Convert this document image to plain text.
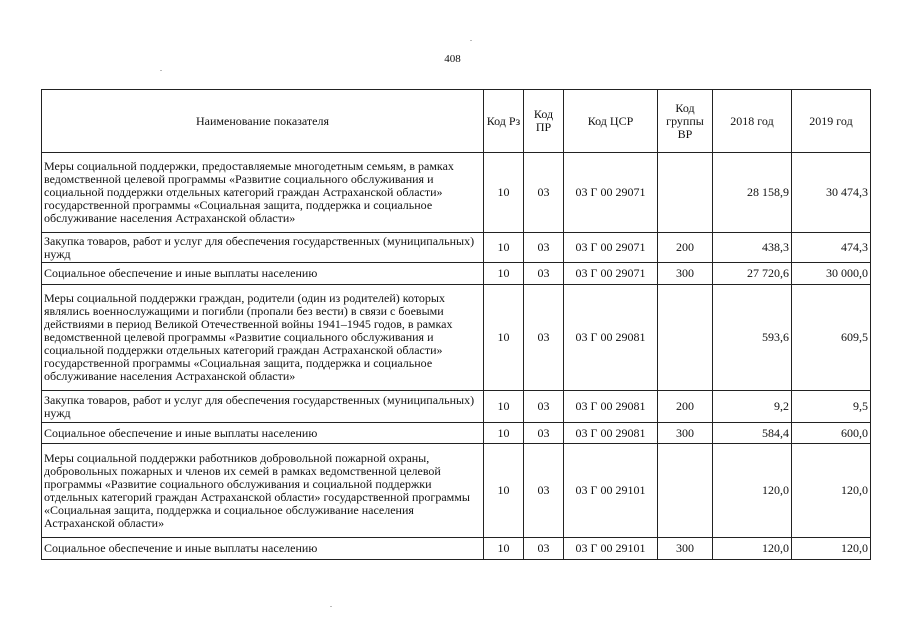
408
Наименование показателя	Код Рз	Код ПР	Код ЦСР	Код группы ВР	2018 год	2019 год
Меры социальной поддержки, предоставляемые многодетным семьям, в рамках ведомственной целевой программы «Развитие социального обслуживания и социальной поддержки отдельных категорий граждан Астраханской области» государственной программы «Социальная защита, поддержка и социальное обслуживание населения Астраханской области»	10	03	03 Г 00 29071		28 158,9	30 474,3
Закупка товаров, работ и услуг для обеспечения государственных (муниципальных) нужд	10	03	03 Г 00 29071	200	438,3	474,3
Социальное обеспечение и иные выплаты населению	10	03	03 Г 00 29071	300	27 720,6	30 000,0
Меры социальной поддержки граждан, родители (один из родителей) которых являлись военнослужащими и погибли (пропали без вести) в связи с боевыми действиями в период Великой Отечественной войны 1941–1945 годов, в рамках ведомственной целевой программы «Развитие социального обслуживания и социальной поддержки отдельных категорий граждан Астраханской области» государственной программы «Социальная защита, поддержка и социальное обслуживание населения Астраханской области»	10	03	03 Г 00 29081		593,6	609,5
Закупка товаров, работ и услуг для обеспечения государственных (муниципальных) нужд	10	03	03 Г 00 29081	200	9,2	9,5
Социальное обеспечение и иные выплаты населению	10	03	03 Г 00 29081	300	584,4	600,0
Меры социальной поддержки работников добровольной пожарной охраны, добровольных пожарных и членов их семей в рамках ведомственной целевой программы «Развитие социального обслуживания и социальной поддержки отдельных категорий граждан Астраханской области» государственной программы «Социальная защита, поддержка и социальное обслуживание населения Астраханской области»	10	03	03 Г 00 29101		120,0	120,0
Социальное обеспечение и иные выплаты населению	10	03	03 Г 00 29101	300	120,0	120,0
